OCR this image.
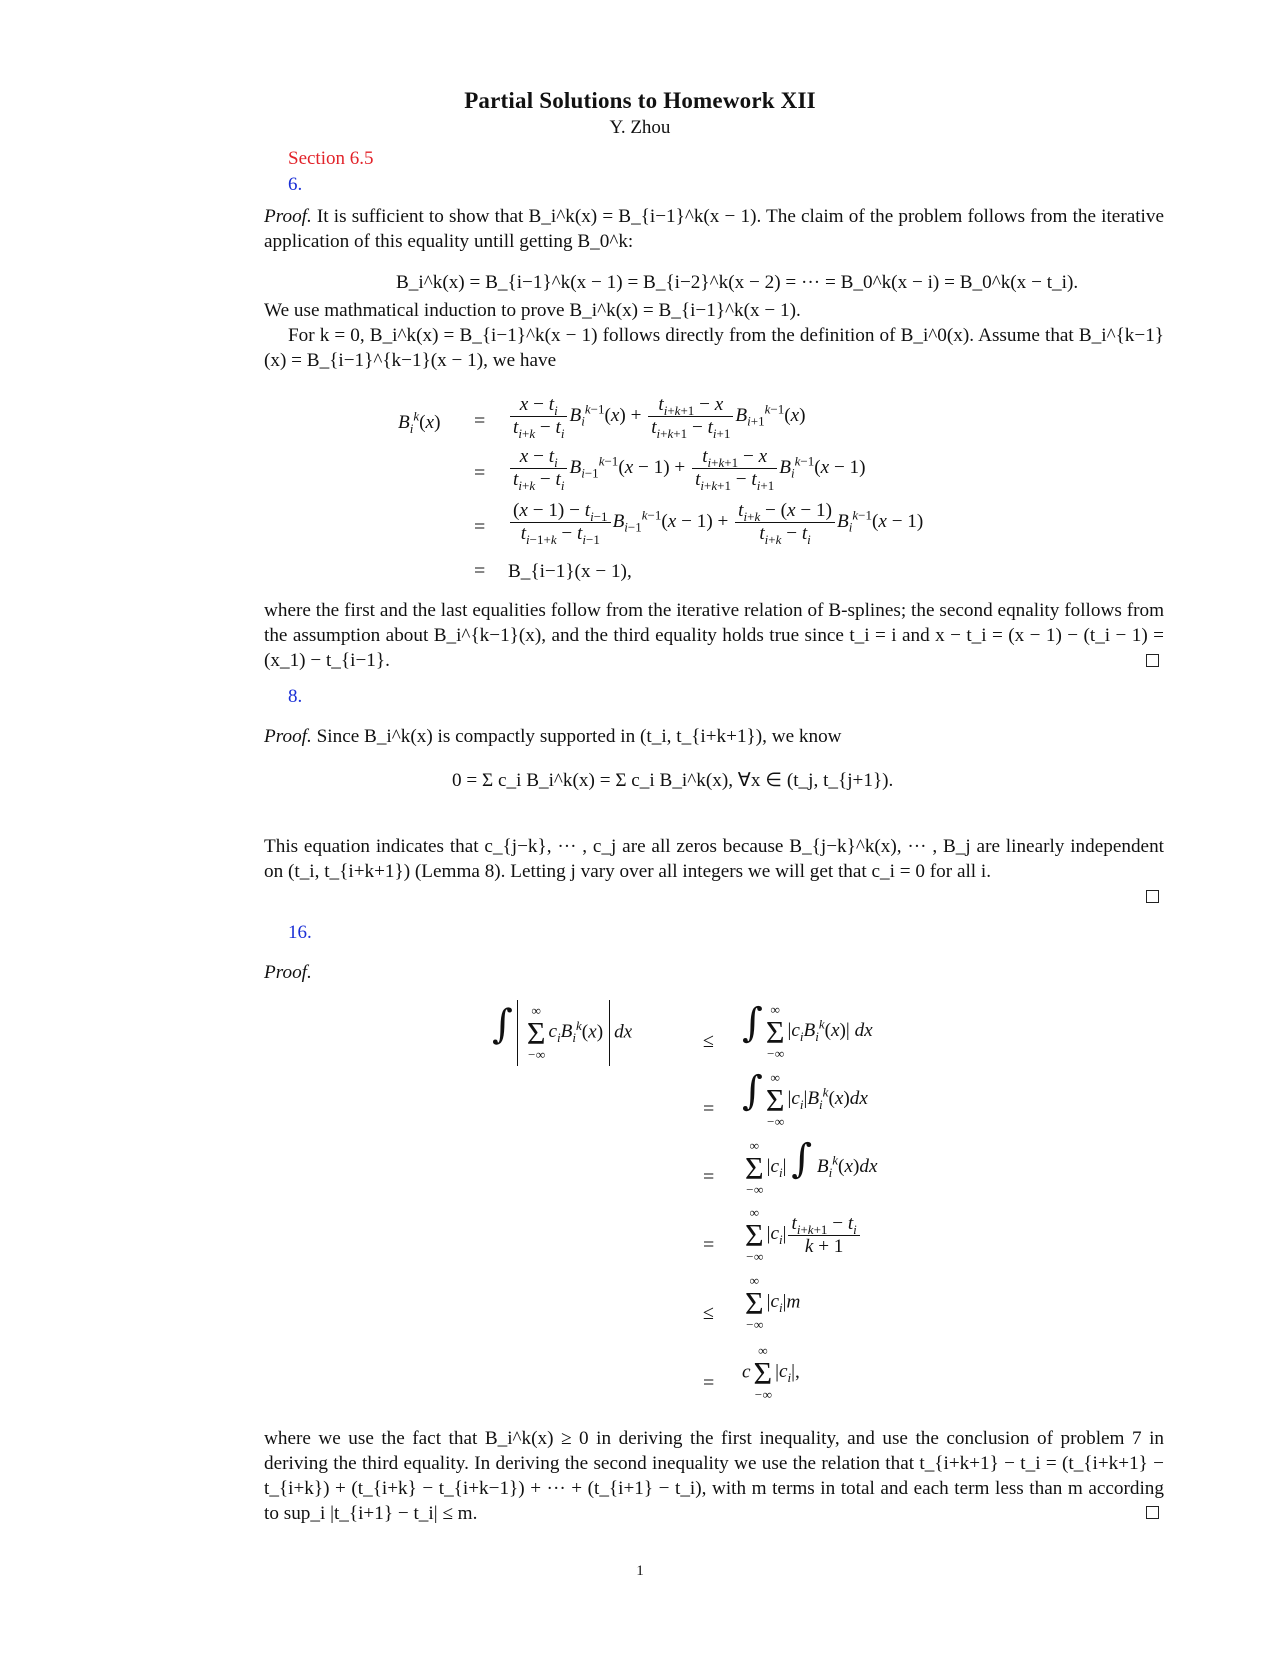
Partial Solutions to Homework XII
Y. Zhou
Section 6.5
6.
Proof. It is sufficient to show that B_i^k(x) = B_{i−1}^k(x − 1). The claim of the problem follows from the iterative application of this equality untill getting B_0^k:
B_i^k(x) = B_{i−1}^k(x − 1) = B_{i−2}^k(x − 2) = ··· = B_0^k(x − i) = B_0^k(x − t_i).
We use mathmatical induction to prove B_i^k(x) = B_{i−1}^k(x − 1).
For k = 0, B_i^k(x) = B_{i−1}^k(x − 1) follows directly from the definition of B_i^0(x). Assume that B_i^{k−1}(x) = B_{i−1}^{k−1}(x − 1), we have
$B_i^k(x) = \frac{x - t_i}{t_{i+k} - t_i} B_i^{k-1}(x) + \frac{t_{i+k+1} - x}{t_{i+k+1} - t_{i+1}} B_{i+1}^{k-1}(x)$
= $\frac{x - t_i}{t_{i+k} - t_i} B_{i-1}^{k-1}(x - 1) + \frac{t_{i+k+1} - x}{t_{i+k+1} - t_{i+1}} B_i^{k-1}(x - 1)$
= $\frac{(x - 1) - t_{i-1}}{t_{i-1+k} - t_{i-1}} B_{i-1}^{k-1}(x - 1) + \frac{t_{i+k} - (x - 1)}{t_{i+k} - t_i} B_i^{k-1}(x - 1)$
= B_{i−1}(x − 1),
where the first and the last equalities follow from the iterative relation of B-splines; the second eqnality follows from the assumption about B_i^{k−1}(x), and the third equality holds true since t_i = i and x − t_i = (x − 1) − (t_i − 1) = (x_1) − t_{i−1}.
8.
Proof. Since B_i^k(x) is compactly supported in (t_i, t_{i+k+1}), we know
0 = Σ c_i B_i^k(x) = Σ c_i B_i^k(x), ∀x ∈ (t_j, t_{j+1}).
This equation indicates that c_{j−k}, ··· , c_j are all zeros because B_{j−k}^k(x), ··· , B_j are linearly independent on (t_i, t_{i+k+1}) (Lemma 8). Letting j vary over all integers we will get that c_i = 0 for all i.
16.
Proof.
∫	∞
Σ
−∞
$c_iB_i^k(x)$ dx	≤ ∫ ∞
Σ
−∞
$|c_iB_i^k(x)|$ dx
= ∫ ∞
Σ
−∞
$|c_i|B_i^k(x)dx$
=
∞
Σ
−∞
$|c_i|$ ∫ $B_i^k(x)dx$
=
∞
Σ
−∞
$|c_i| \frac{t_{i+k+1} - t_i}{k + 1}$
≤
∞
Σ
−∞
$|c_i|m$
=
c
∞
Σ
−∞
$|c_i|$,
where we use the fact that B_i^k(x) ≥ 0 in deriving the first inequality, and use the conclusion of problem 7 in deriving the third equality. In deriving the second inequality we use the relation that t_{i+k+1} − t_i = (t_{i+k+1} − t_{i+k}) + (t_{i+k} − t_{i+k−1}) + ··· + (t_{i+1} − t_i), with m terms in total and each term less than m according to sup_i |t_{i+1} − t_i| ≤ m.
1
